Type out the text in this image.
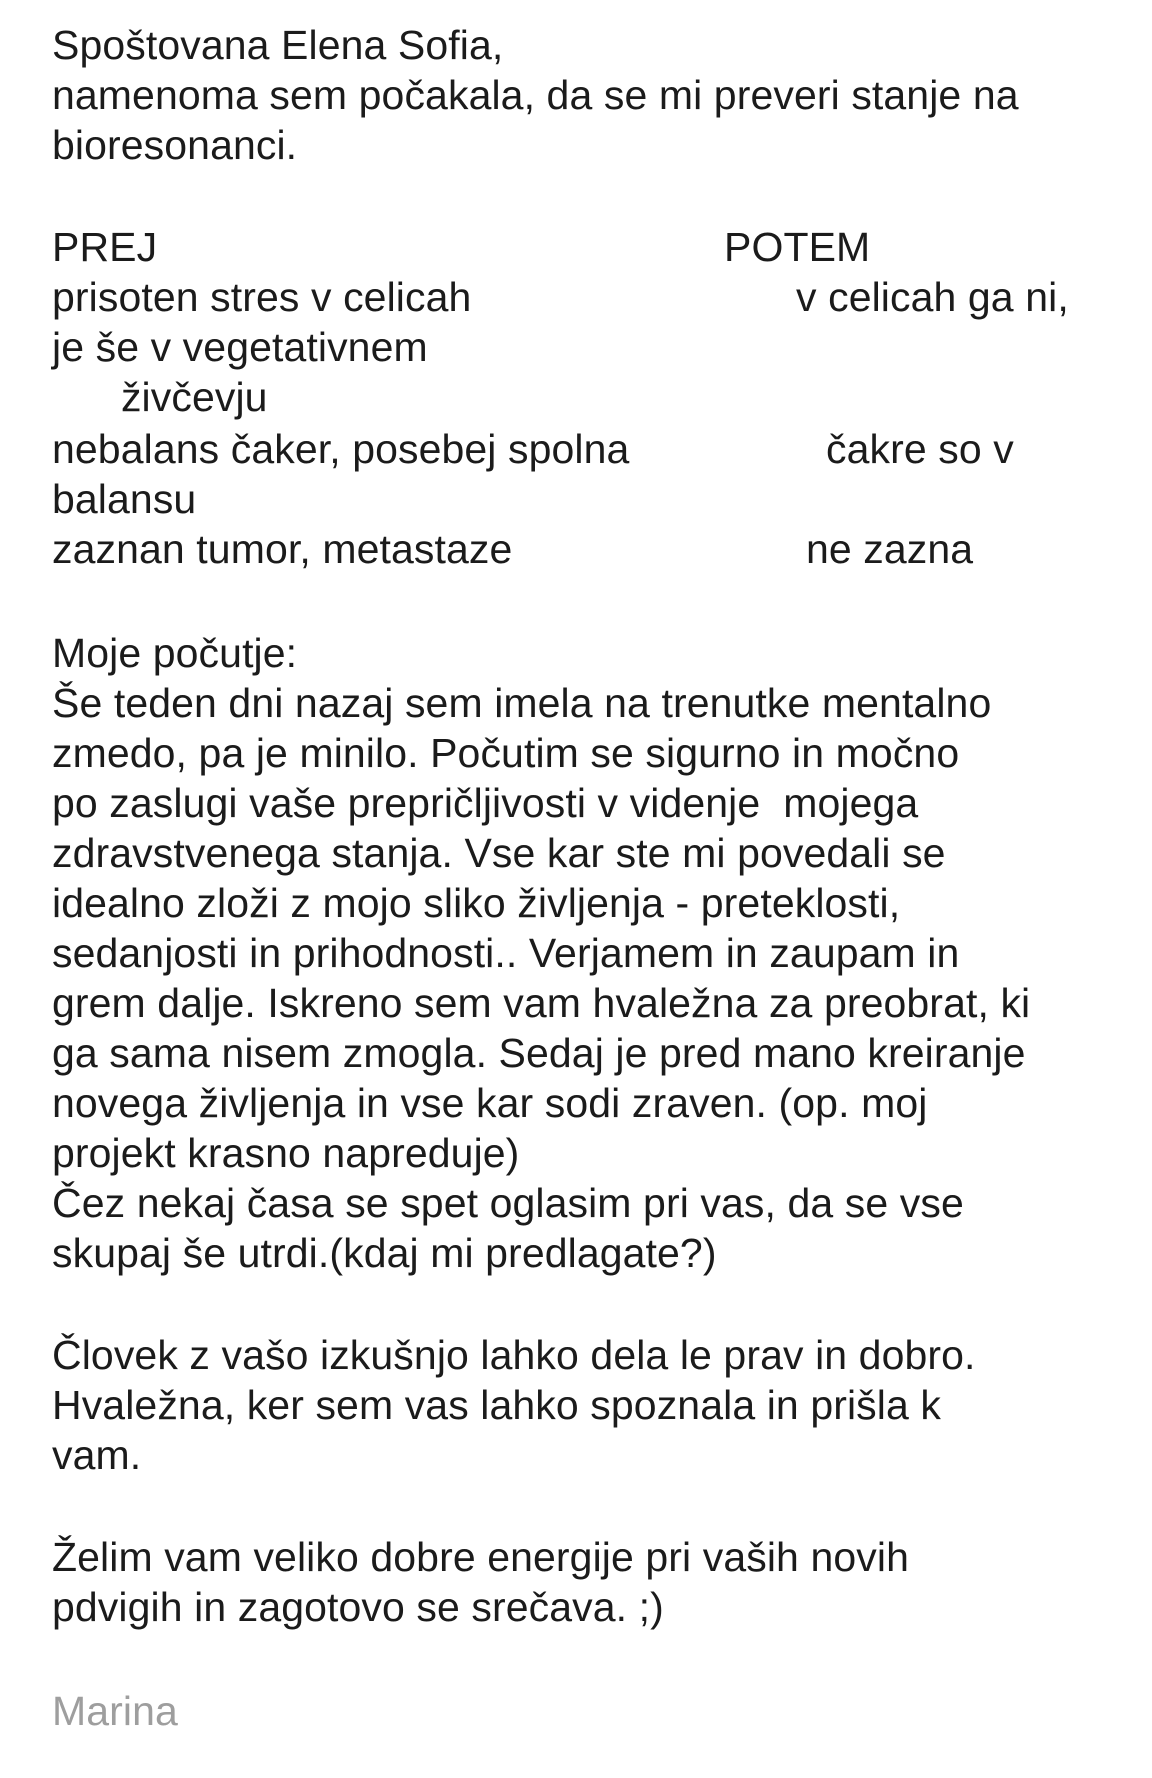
Spoštovana Elena Sofia,
namenoma sem počakala, da se mi preveri stanje na
bioresonanci.
PREJ	POTEM
prisoten stres v celicah	v celicah ga ni,
je še v vegetativnem
živčevju
nebalans čaker, posebej spolna	čakre so v
balansu
zaznan tumor, metastaze	ne zazna
Moje počutje:
Še teden dni nazaj sem imela na trenutke mentalno
zmedo, pa je minilo. Počutim se sigurno in močno
po zaslugi vaše prepričljivosti v videnje  mojega
zdravstvenega stanja. Vse kar ste mi povedali se
idealno zloži z mojo sliko življenja - preteklosti,
sedanjosti in prihodnosti.. Verjamem in zaupam in
grem dalje. Iskreno sem vam hvaležna za preobrat, ki
ga sama nisem zmogla. Sedaj je pred mano kreiranje
novega življenja in vse kar sodi zraven. (op. moj
projekt krasno napreduje)
Čez nekaj časa se spet oglasim pri vas, da se vse
skupaj še utrdi.(kdaj mi predlagate?)
Človek z vašo izkušnjo lahko dela le prav in dobro.
Hvaležna, ker sem vas lahko spoznala in prišla k
vam.
Želim vam veliko dobre energije pri vaših novih
pdvigih in zagotovo se srečava. ;)
Marina
